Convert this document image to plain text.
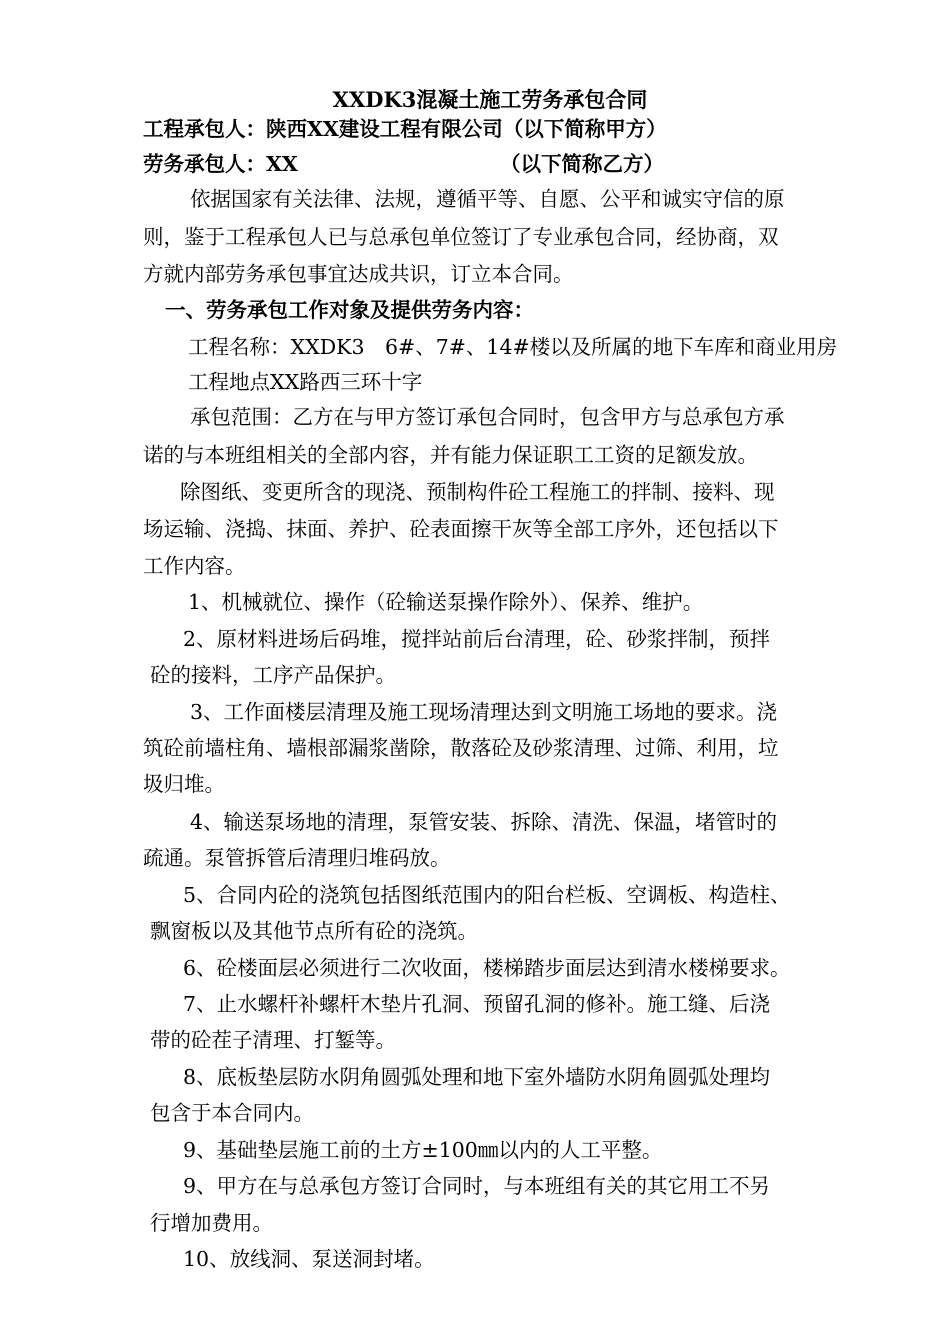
XXDK3混凝土施工劳务承包合同
工程承包人：陕西XX建设工程有限公司（以下简称甲方）
劳务承包人：XX	（以下简称乙方）
依据国家有关法律、法规，遵循平等、自愿、公平和诚实守信的原
则，鉴于工程承包人已与总承包单位签订了专业承包合同，经协商，双
方就内部劳务承包事宜达成共识，订立本合同。
一、劳务承包工作对象及提供劳务内容：
工程名称：XXDK3　6#、7#、14#楼以及所属的地下车库和商业用房
工程地点XX路西三环十字
承包范围：乙方在与甲方签订承包合同时，包含甲方与总承包方承
诺的与本班组相关的全部内容，并有能力保证职工工资的足额发放。
除图纸、变更所含的现浇、预制构件砼工程施工的拌制、接料、现
场运输、浇捣、抹面、养护、砼表面擦干灰等全部工序外，还包括以下
工作内容。
1、机械就位、操作（砼输送泵操作除外）、保养、维护。
2、原材料进场后码堆，搅拌站前后台清理，砼、砂浆拌制，预拌
砼的接料，工序产品保护。
3、工作面楼层清理及施工现场清理达到文明施工场地的要求。浇
筑砼前墙柱角、墙根部漏浆凿除，散落砼及砂浆清理、过筛、利用，垃
圾归堆。
4、输送泵场地的清理，泵管安装、拆除、清洗、保温，堵管时的
疏通。泵管拆管后清理归堆码放。
5、合同内砼的浇筑包括图纸范围内的阳台栏板、空调板、构造柱、
飘窗板以及其他节点所有砼的浇筑。
6、砼楼面层必须进行二次收面，楼梯踏步面层达到清水楼梯要求。
7、止水螺杆补螺杆木垫片孔洞、预留孔洞的修补。施工缝、后浇
带的砼茬子清理、打錾等。
8、底板垫层防水阴角圆弧处理和地下室外墙防水阴角圆弧处理均
包含于本合同内。
9、基础垫层施工前的土方±100㎜以内的人工平整。
9、甲方在与总承包方签订合同时，与本班组有关的其它用工不另
行增加费用。
10、放线洞、泵送洞封堵。
